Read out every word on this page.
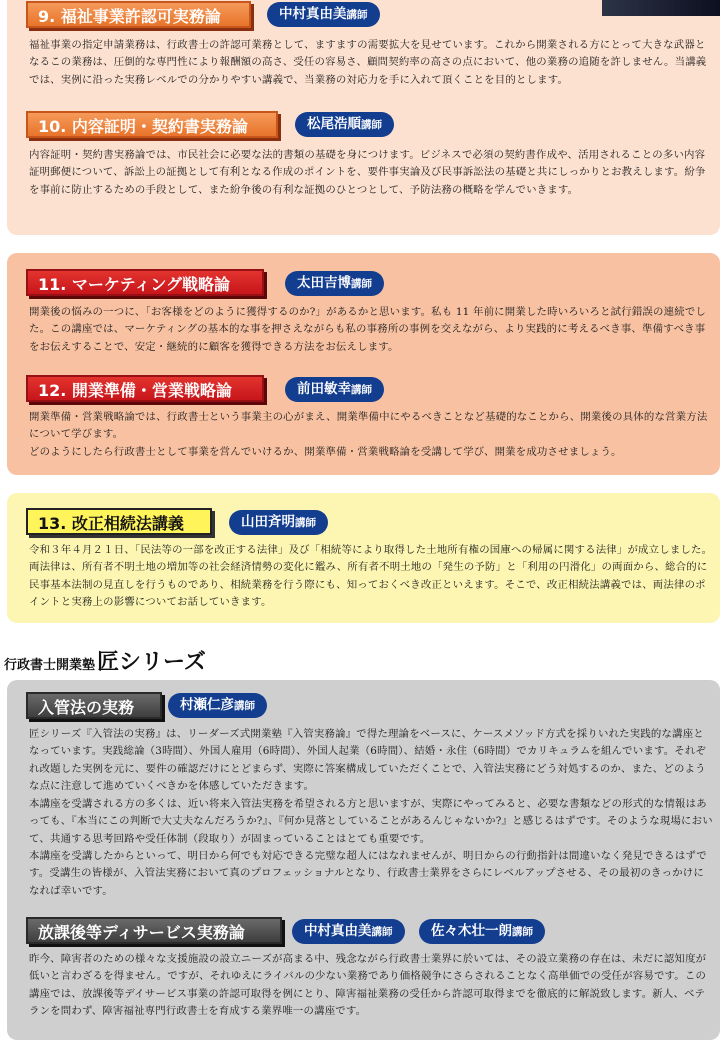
9. 福祉事業許認可実務論	中村真由美講師

福祉事業の指定申請業務は、行政書士の許認可業務として、ますますの需要拡大を見せています。これから開業される方にとって大きな武器となるこの業務は、圧倒的な専門性により報酬額の高さ、受任の容易さ、顧問契約率の高さの点において、他の業務の追随を許しません。当講義では、実例に沿った実務レベルでの分かりやすい講義で、当業務の対応力を手に入れて頂くことを目的とします。

10. 内容証明・契約書実務論	松尾浩順講師

内容証明・契約書実務論では、市民社会に必要な法的書類の基礎を身につけます。ビジネスで必須の契約書作成や、活用されることの多い内容証明郵便について、訴訟上の証拠として有利となる作成のポイントを、要件事実論及び民事訴訟法の基礎と共にしっかりとお教えします。紛争を事前に防止するための手段として、また紛争後の有利な証拠のひとつとして、予防法務の概略を学んでいきます。

11. マーケティング戦略論	太田吉博講師

開業後の悩みの一つに、「お客様をどのように獲得するのか?」があるかと思います。私も 11 年前に開業した時いろいろと試行錯誤の連続でした。この講座では、マーケティングの基本的な事を押さえながらも私の事務所の事例を交えながら、より実践的に考えるべき事、準備すべき事をお伝えすることで、安定・継続的に顧客を獲得できる方法をお伝えします。

12. 開業準備・営業戦略論	前田敏幸講師

開業準備・営業戦略論では、行政書士という事業主の心がまえ、開業準備中にやるべきことなど基礎的なことから、開業後の具体的な営業方法について学びます。

どのようにしたら行政書士として事業を営んでいけるか、開業準備・営業戦略論を受講して学び、開業を成功させましょう。

13. 改正相続法講義	山田斉明講師

令和３年４月２１日、「民法等の一部を改正する法律」及び「相続等により取得した土地所有権の国庫への帰属に関する法律」が成立しました。両法律は、所有者不明土地の増加等の社会経済情勢の変化に鑑み、所有者不明土地の「発生の予防」と「利用の円滑化」の両面から、総合的に民事基本法制の見直しを行うものであり、相続業務を行う際にも、知っておくべき改正といえます。そこで、改正相続法講義では、両法律のポイントと実務上の影響についてお話していきます。

行政書士開業塾匠シリーズ
入管法の実務	村瀬仁彦講師

匠シリーズ『入管法の実務』は、リーダーズ式開業塾『入管実務論』で得た理論をベースに、ケースメソッド方式を採りいれた実践的な講座となっています。実践総論（3時間）、外国人雇用（6時間）、外国人起業（6時間）、結婚・永住（6時間）でカリキュラムを組んでいます。それぞれ改題した実例を元に、要件の確認だけにとどまらず、実際に答案構成していただくことで、入管法実務にどう対処するのか、また、どのような点に注意して進めていくべきかを体感していただきます。

本講座を受講される方の多くは、近い将来入管法実務を希望される方と思いますが、実際にやってみると、必要な書類などの形式的な情報はあっても、『本当にこの判断で大丈夫なんだろうか?』、『何か見落としていることがあるんじゃないか?』と感じるはずです。そのような現場において、共通する思考回路や受任体制（段取り）が固まっていることはとても重要です。

本講座を受講したからといって、明日から何でも対応できる完璧な超人にはなれませんが、明日からの行動指針は間違いなく発見できるはずです。受講生の皆様が、入管法実務において真のプロフェッショナルとなり、行政書士業界をさらにレベルアップさせる、その最初のきっかけになれば幸いです。

放課後等ディサービス実務論	中村真由美講師	佐々木壮一朗講師

昨今、障害者のための様々な支援施設の設立ニーズが高まる中、残念ながら行政書士業界に於いては、その設立業務の存在は、未だに認知度が低いと言わざるを得ません。ですが、それゆえにライバルの少ない業務であり価格競争にさらされることなく高単価での受任が容易です。この講座では、放課後等デイサービス事業の許認可取得を例にとり、障害福祉業務の受任から許認可取得までを徹底的に解説致します。新人、ベテランを問わず、障害福祉専門行政書士を育成する業界唯一の講座です。
